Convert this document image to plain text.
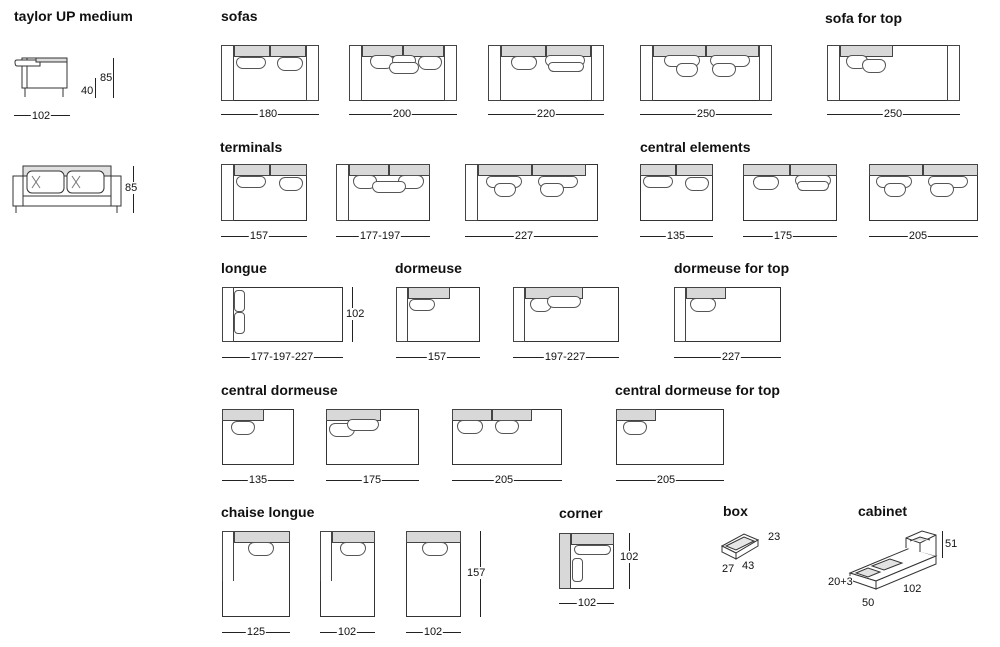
taylor UP medium
102
85
40
85
sofas	sofa for top
180	200	220	250	250
terminals	central elements
157	177-197	227	135	175	205
longue	dormeuse	dormeuse for top
177-197-227
102
157	197-227	227
central dormeuse	central dormeuse for top
135	175	205	205
chaise longue	corner	box	cabinet
125	102	102
157
102
102
23
43
27
51
102
50
20+3
